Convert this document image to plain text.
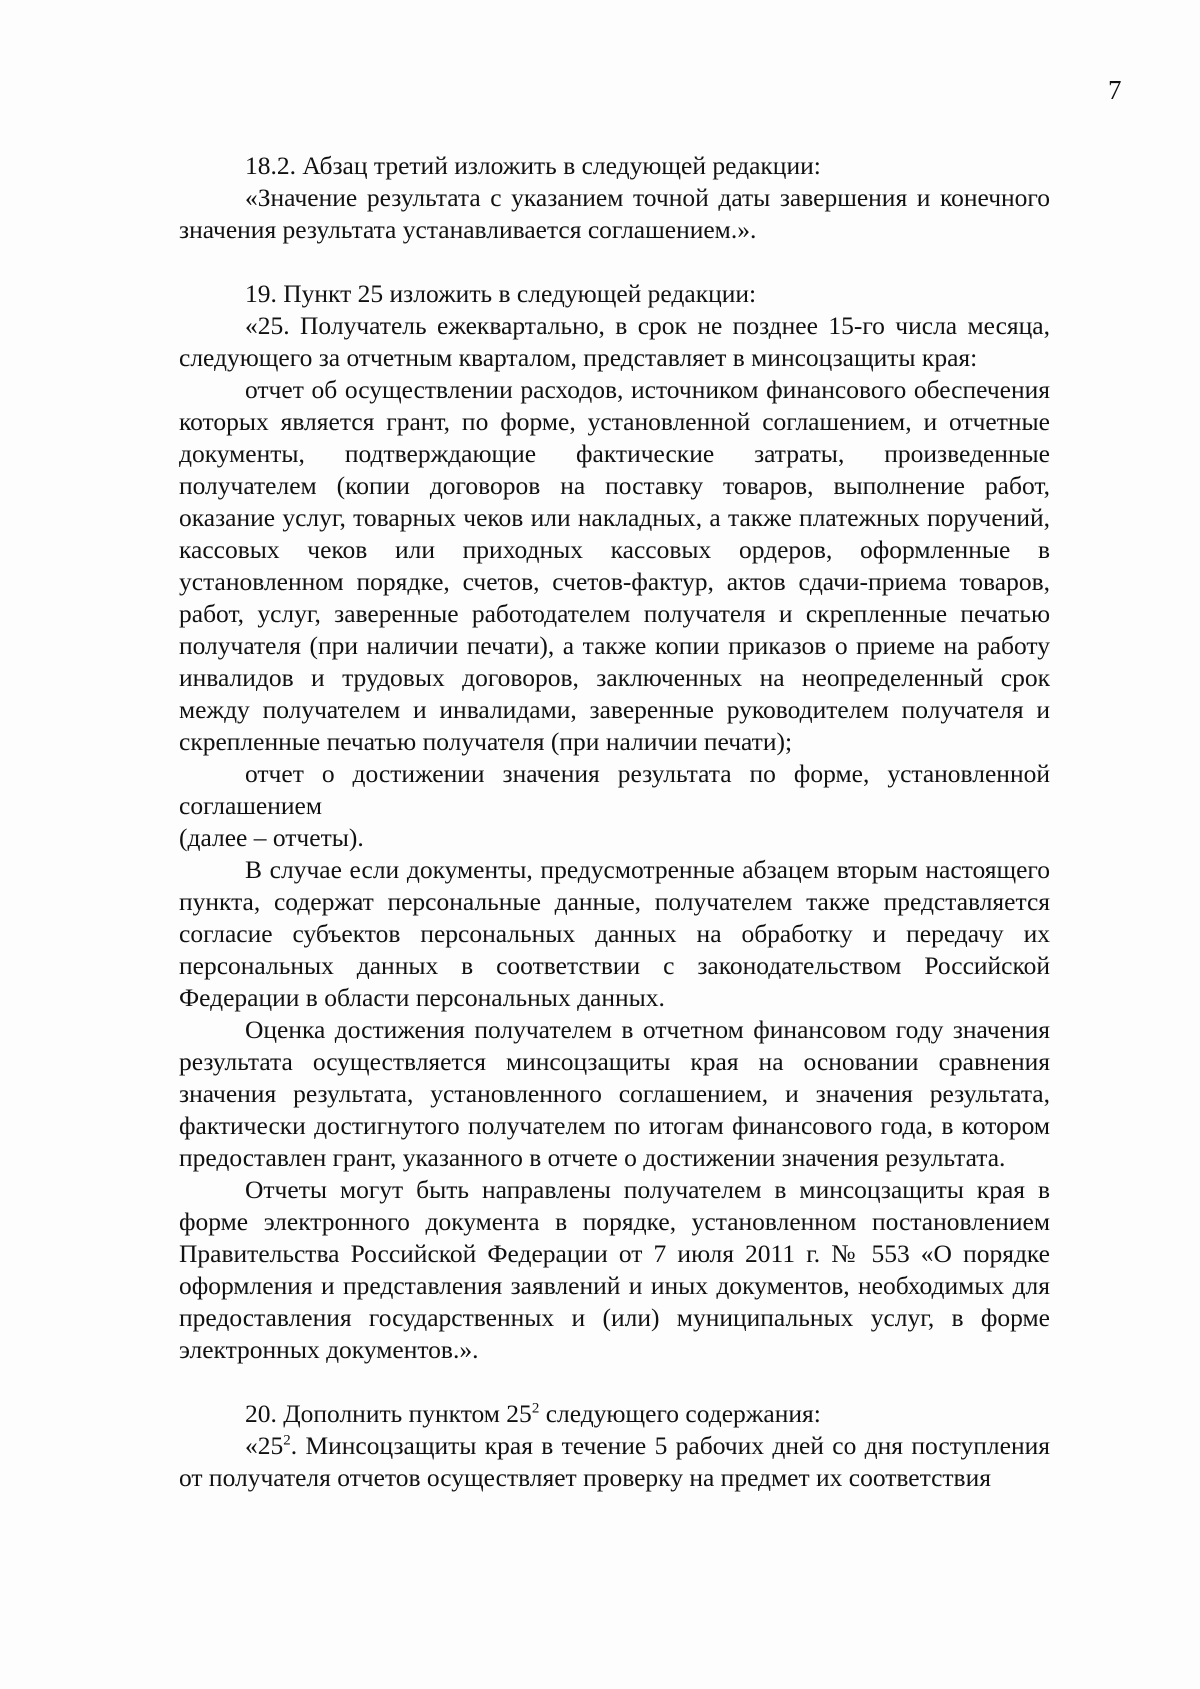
7

18.2. Абзац третий изложить в следующей редакции:

«Значение результата с указанием точной даты завершения и конечного значения результата устанавливается соглашением.».

19. Пункт 25 изложить в следующей редакции:

«25. Получатель ежеквартально, в срок не позднее 15-го числа месяца, следующего за отчетным кварталом, представляет в минсоцзащиты края:

отчет об осуществлении расходов, источником финансового обеспечения которых является грант, по форме, установленной соглашением, и отчетные документы, подтверждающие фактические затраты, произведенные получателем (копии договоров на поставку товаров, выполнение работ, оказание услуг, товарных чеков или накладных, а также платежных поручений, кассовых чеков или приходных кассовых ордеров, оформленные в установленном порядке, счетов, счетов-фактур, актов сдачи-приема товаров, работ, услуг, заверенные работодателем получателя и скрепленные печатью получателя (при наличии печати), а также копии приказов о приеме на работу инвалидов и трудовых договоров, заключенных на неопределенный срок между получателем и инвалидами, заверенные руководителем получателя и скрепленные печатью получателя (при наличии печати);

отчет о достижении значения результата по форме, установленной соглашением

(далее – отчеты).

В случае если документы, предусмотренные абзацем вторым настоящего пункта, содержат персональные данные, получателем также представляется согласие субъектов персональных данных на обработку и передачу их персональных данных в соответствии с законодательством Российской Федерации в области персональных данных.

Оценка достижения получателем в отчетном финансовом году значения результата осуществляется минсоцзащиты края на основании сравнения значения результата, установленного соглашением, и значения результата, фактически достигнутого получателем по итогам финансового года, в котором предоставлен грант, указанного в отчете о достижении значения результата.

Отчеты могут быть направлены получателем в минсоцзащиты края в форме электронного документа в порядке, установленном постановлением Правительства Российской Федерации от 7 июля 2011 г. № 553 «О порядке оформления и представления заявлений и иных документов, необходимых для предоставления государственных и (или) муниципальных услуг, в форме электронных документов.».

20. Дополнить пунктом $25^2$ следующего содержания:

«$25^2$. Минсоцзащиты края в течение 5 рабочих дней со дня поступления от получателя отчетов осуществляет проверку на предмет их соответствия
